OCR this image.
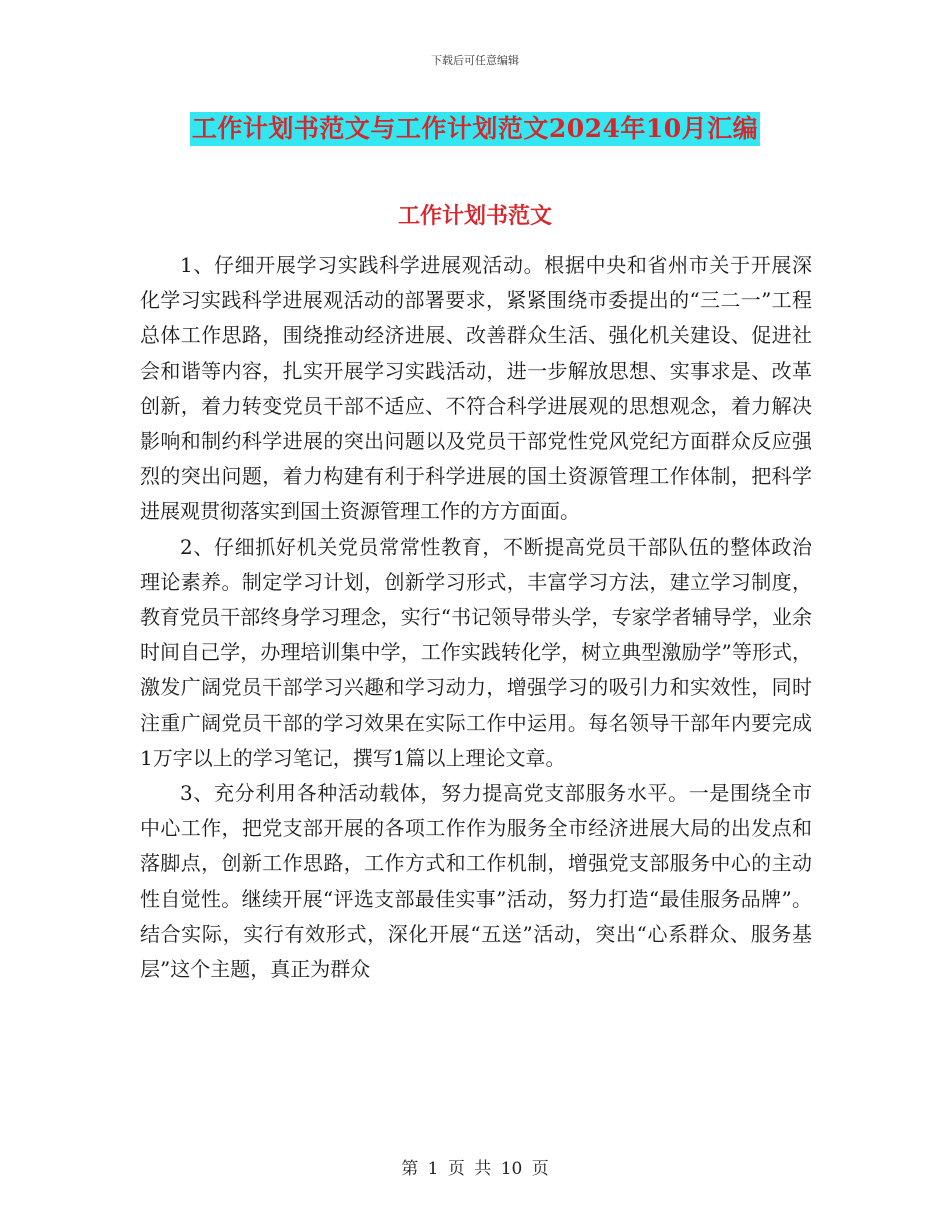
下载后可任意编辑
工作计划书范文与工作计划范文2024年10月汇编
工作计划书范文

1、仔细开展学习实践科学进展观活动。根据中央和省州市关于开展深化学习实践科学进展观活动的部署要求，紧紧围绕市委提出的“三二一”工程总体工作思路，围绕推动经济进展、改善群众生活、强化机关建设、促进社会和谐等内容，扎实开展学习实践活动，进一步解放思想、实事求是、改革创新，着力转变党员干部不适应、不符合科学进展观的思想观念，着力解决影响和制约科学进展的突出问题以及党员干部党性党风党纪方面群众反应强烈的突出问题，着力构建有利于科学进展的国土资源管理工作体制，把科学进展观贯彻落实到国土资源管理工作的方方面面。

2、仔细抓好机关党员常常性教育，不断提高党员干部队伍的整体政治理论素养。制定学习计划，创新学习形式，丰富学习方法，建立学习制度，教育党员干部终身学习理念，实行“书记领导带头学，专家学者辅导学，业余时间自己学，办理培训集中学，工作实践转化学，树立典型激励学”等形式，激发广阔党员干部学习兴趣和学习动力，增强学习的吸引力和实效性，同时注重广阔党员干部的学习效果在实际工作中运用。每名领导干部年内要完成1万字以上的学习笔记，撰写1篇以上理论文章。

3、充分利用各种活动载体，努力提高党支部服务水平。一是围绕全市中心工作，把党支部开展的各项工作作为服务全市经济进展大局的出发点和落脚点，创新工作思路，工作方式和工作机制，增强党支部服务中心的主动性自觉性。继续开展“评选支部最佳实事”活动，努力打造“最佳服务品牌”。结合实际，实行有效形式，深化开展“五送”活动，突出“心系群众、服务基层”这个主题，真正为群众

第 1 页 共 10 页
